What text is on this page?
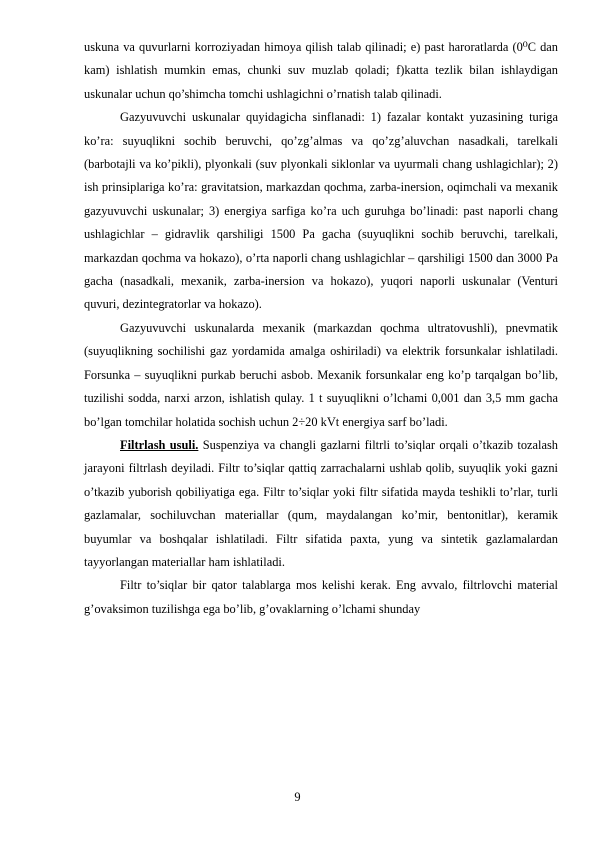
uskuna va quvurlarni korroziyadan himoya qilish talab qilinadi; e) past haroratlarda (0⁰C dan kam) ishlatish mumkin emas, chunki suv muzlab qoladi; f)katta tezlik bilan ishlaydigan uskunalar uchun qo’shimcha tomchi ushlagichni o’rnatish talab qilinadi.

Gazyuvuvchi uskunalar quyidagicha sinflanadi: 1) fazalar kontakt yuzasining turiga ko’ra: suyuqlikni sochib beruvchi, qo’zg’almas va qo’zg’aluvchan nasadkali, tarelkali (barbotajli va ko’pikli), plyonkali (suv plyonkali siklonlar va uyurmali chang ushlagichlar); 2) ish prinsiplariga ko’ra: gravitatsion, markazdan qochma, zarba-inersion, oqimchali va mexanik gazyuvuvchi uskunalar; 3) energiya sarfiga ko’ra uch guruhga bo’linadi: past naporli chang ushlagichlar – gidravlik qarshiligi 1500 Pa gacha (suyuqlikni sochib beruvchi, tarelkali, markazdan qochma va hokazo), o’rta naporli chang ushlagichlar – qarshiligi 1500 dan 3000 Pa gacha (nasadkali, mexanik, zarba-inersion va hokazo), yuqori naporli uskunalar (Venturi quvuri, dezintegratorlar va hokazo).

Gazyuvuvchi uskunalarda mexanik (markazdan qochma ultratovushli), pnevmatik (suyuqlikning sochilishi gaz yordamida amalga oshiriladi) va elektrik forsunkalar ishlatiladi. Forsunka – suyuqlikni purkab beruchi asbob. Mexanik forsunkalar eng ko’p tarqalgan bo’lib, tuzilishi sodda, narxi arzon, ishlatish qulay. 1 t suyuqlikni o’lchami 0,001 dan 3,5 mm gacha bo’lgan tomchilar holatida sochish uchun 2÷20 kVt energiya sarf bo’ladi.

Filtrlash usuli. Suspenziya va changli gazlarni filtrli to’siqlar orqali o’tkazib tozalash jarayoni filtrlash deyiladi. Filtr to’siqlar qattiq zarrachalarni ushlab qolib, suyuqlik yoki gazni o’tkazib yuborish qobiliyatiga ega. Filtr to’siqlar yoki filtr sifatida mayda teshikli to’rlar, turli gazlamalar, sochiluvchan materiallar (qum, maydalangan ko’mir, bentonitlar), keramik buyumlar va boshqalar ishlatiladi. Filtr sifatida paxta, yung va sintetik gazlamalardan tayyorlangan materiallar ham ishlatiladi.

Filtr to’siqlar bir qator talablarga mos kelishi kerak. Eng avvalo, filtrlovchi material g’ovaksimon tuzilishga ega bo’lib, g’ovaklarning o’lchami shunday

9
